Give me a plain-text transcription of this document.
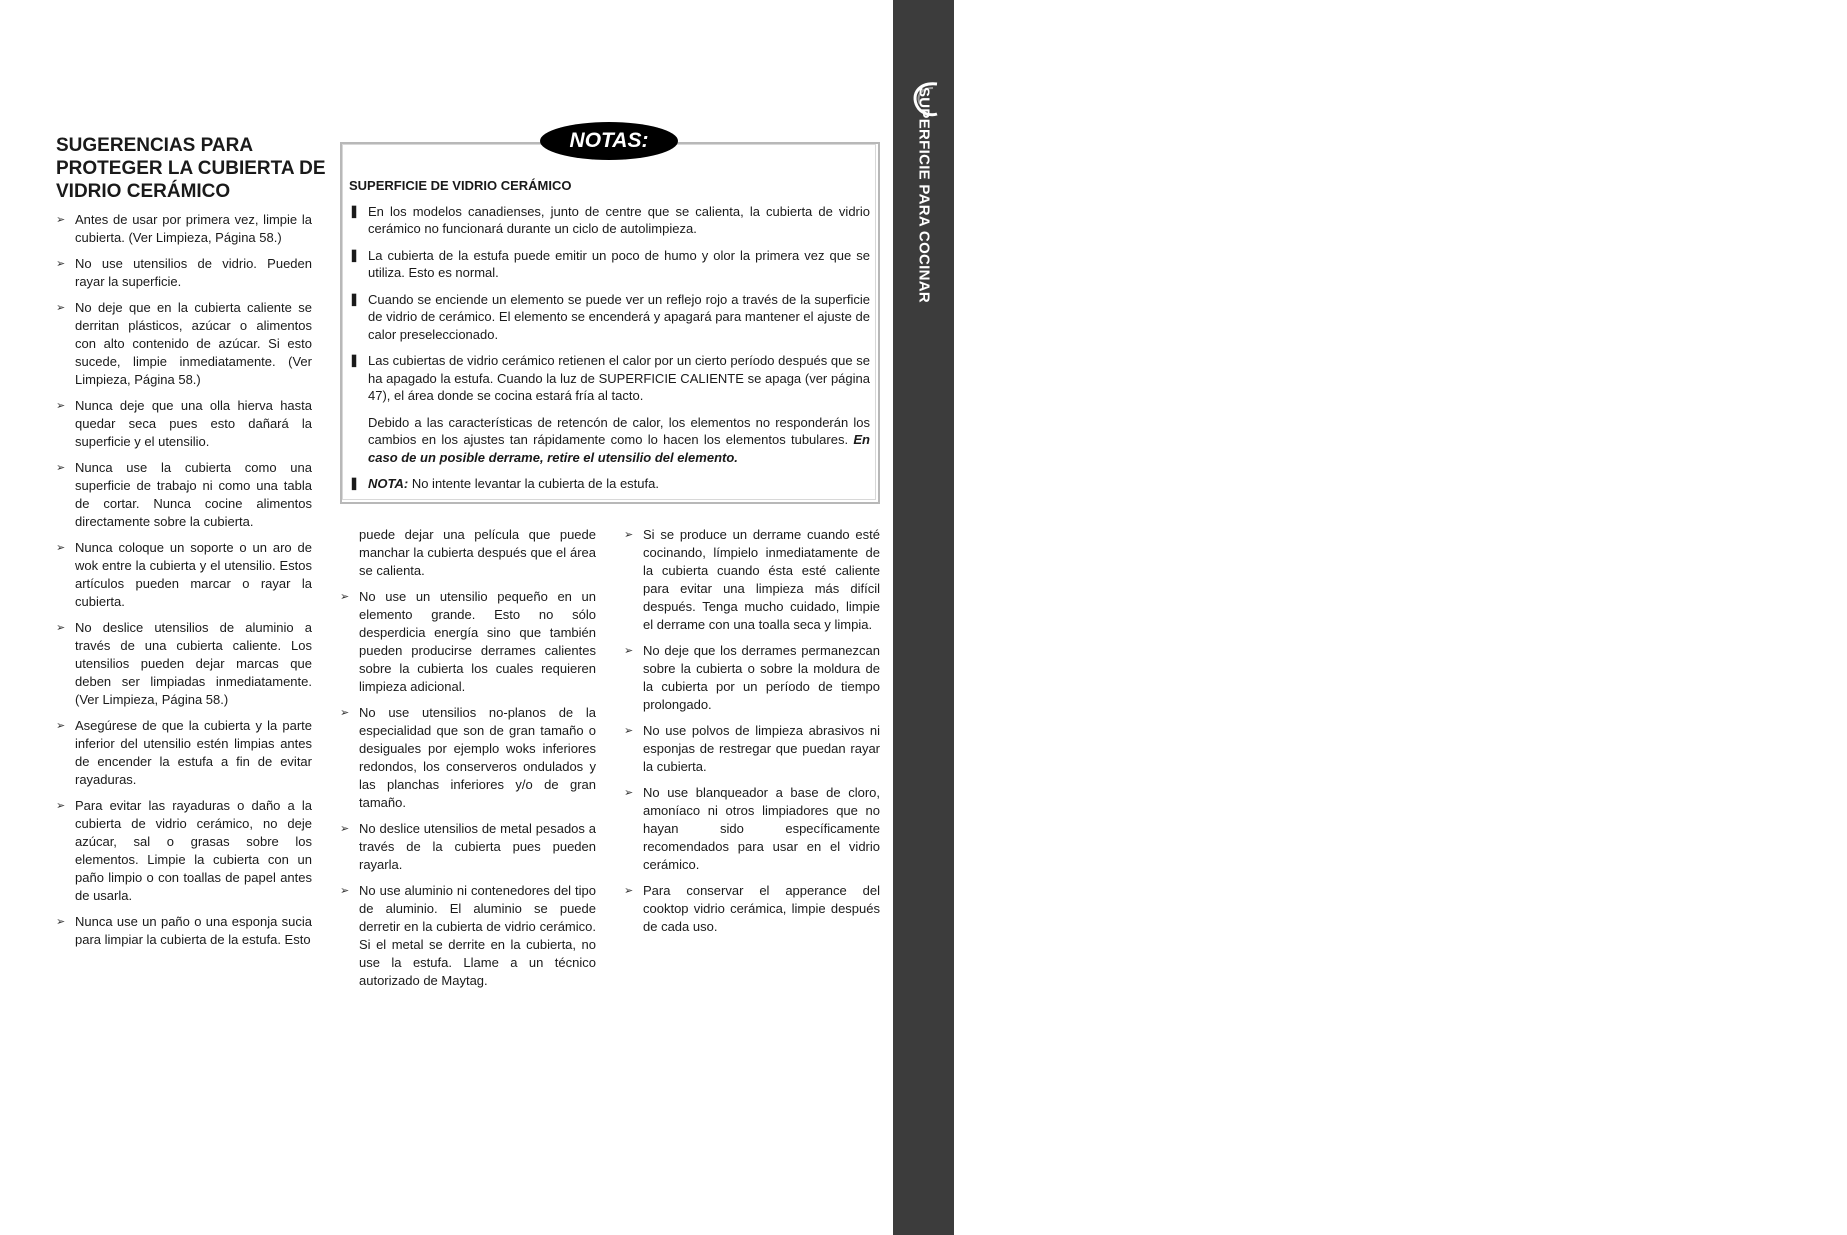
SUPERFICIE PARA COCINAR
48
SUGERENCIAS PARA PROTEGER LA CUBIERTA DE VIDRIO CERÁMICO
➢ Antes de usar por primera vez, limpie la cubierta. (Ver Limpieza, Página 58.)
➢ No use utensilios de vidrio. Pueden rayar la superficie.
➢ No deje que en la cubierta caliente se derritan plásticos, azúcar o alimentos con alto contenido de azúcar. Si esto sucede, limpie inmediatamente. (Ver Limpieza, Página 58.)
➢ Nunca deje que una olla hierva hasta quedar seca pues esto dañará la superficie y el utensilio.
➢ Nunca use la cubierta como una superficie de trabajo ni como una tabla de cortar. Nunca cocine alimentos directamente sobre la cubierta.
➢ Nunca coloque un soporte o un aro de wok entre la cubierta y el utensilio. Estos artículos pueden marcar o rayar la cubierta.
➢ No deslice utensilios de aluminio a través de una cubierta caliente. Los utensilios pueden dejar marcas que deben ser limpiadas inmediatamente. (Ver Limpieza, Página 58.)
➢ Asegúrese de que la cubierta y la parte inferior del utensilio estén limpias antes de encender la estufa a fin de evitar rayaduras.
➢ Para evitar las rayaduras o daño a la cubierta de vidrio cerámico, no deje azúcar, sal o grasas sobre los elementos. Limpie la cubierta con un paño limpio o con toallas de papel antes de usarla.
➢ Nunca use un paño o una esponja sucia para limpiar la cubierta de la estufa. Esto
NOTAS:
SUPERFICIE DE VIDRIO CERÁMICO
❚ En los modelos canadienses, junto de centre que se calienta, la cubierta de vidrio cerámico no funcionará durante un ciclo de autolimpieza.
❚ La cubierta de la estufa puede emitir un poco de humo y olor la primera vez que se utiliza. Esto es normal.
❚ Cuando se enciende un elemento se puede ver un reflejo rojo a través de la superficie de vidrio de cerámico. El elemento se encenderá y apagará para mantener el ajuste de calor preseleccionado.
❚ Las cubiertas de vidrio cerámico retienen el calor por un cierto período después que se ha apagado la estufa. Cuando la luz de SUPERFICIE CALIENTE se apaga (ver página 47), el área donde se cocina estará fría al tacto.
Debido a las características de retencón de calor, los elementos no responderán los cambios en los ajustes tan rápidamente como lo hacen los elementos tubulares. En caso de un posible derrame, retire el utensilio del elemento.
❚ NOTA: No intente levantar la cubierta de la estufa.
puede dejar una película que puede manchar la cubierta después que el área se calienta.
➢ No use un utensilio pequeño en un elemento grande. Esto no sólo desperdicia energía sino que también pueden producirse derrames calientes sobre la cubierta los cuales requieren limpieza adicional.
➢ No use utensilios no-planos de la especialidad que son de gran tamaño o desiguales por ejemplo woks inferiores redondos, los conserveros ondulados y las planchas inferiores y/o de gran tamaño.
➢ No deslice utensilios de metal pesados a través de la cubierta pues pueden rayarla.
➢ No use aluminio ni contenedores del tipo de aluminio. El aluminio se puede derretir en la cubierta de vidrio cerámico. Si el metal se derrite en la cubierta, no use la estufa. Llame a un técnico autorizado de Maytag.
➢ Si se produce un derrame cuando esté cocinando, límpielo inmediatamente de la cubierta cuando ésta esté caliente para evitar una limpieza más difícil después. Tenga mucho cuidado, limpie el derrame con una toalla seca y limpia.
➢ No deje que los derrames permanezcan sobre la cubierta o sobre la moldura de la cubierta por un período de tiempo prolongado.
➢ No use polvos de limpieza abrasivos ni esponjas de restregar que puedan rayar la cubierta.
➢ No use blanqueador a base de cloro, amoníaco ni otros limpiadores que no hayan sido específicamente recomendados para usar en el vidrio cerámico.
➢ Para conservar el apperance del cooktop vidrio cerámica, limpie después de cada uso.
